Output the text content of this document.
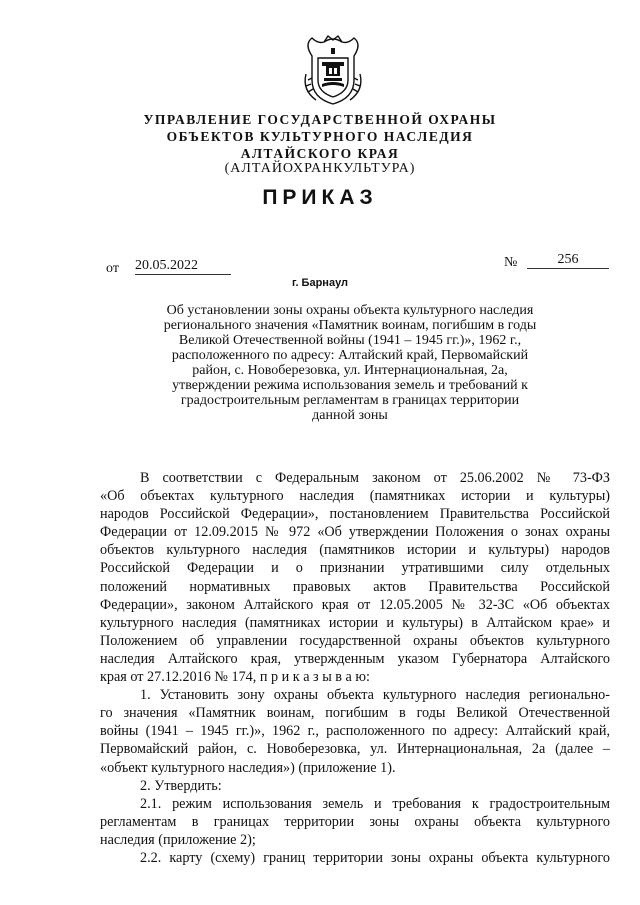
УПРАВЛЕНИЕ ГОСУДАРСТВЕННОЙ ОХРАНЫ
ОБЪЕКТОВ КУЛЬТУРНОГО НАСЛЕДИЯ
АЛТАЙСКОГО КРАЯ
(АЛТАЙОХРАНКУЛЬТУРА)
ПРИКАЗ
от 20.05.2022	№	256
г. Барнаул
Об установлении зоны охраны объекта культурного наследия
регионального значения «Памятник воинам, погибшим в годы
Великой Отечественной войны (1941 – 1945 гг.)», 1962 г.,
расположенного по адресу: Алтайский край, Первомайский
район, с. Новоберезовка, ул. Интернациональная, 2а,
утверждении режима использования земель и требований к
градостроительным регламентам в границах территории
данной зоны
В соответствии с Федеральным законом от 25.06.2002 № 73-ФЗ
«Об объектах культурного наследия (памятниках истории и культуры)
народов Российской Федерации», постановлением Правительства Российской
Федерации от 12.09.2015 № 972 «Об утверждении Положения о зонах охраны
объектов культурного наследия (памятников истории и культуры) народов
Российской Федерации и о признании утратившими силу отдельных
положений нормативных правовых актов Правительства Российской
Федерации», законом Алтайского края от 12.05.2005 № 32-ЗС «Об объектах
культурного наследия (памятниках истории и культуры) в Алтайском крае» и
Положением об управлении государственной охраны объектов культурного
наследия Алтайского края, утвержденным указом Губернатора Алтайского
края от 27.12.2016 № 174, п р и к а з ы в а ю:
1. Установить зону охраны объекта культурного наследия регионально-
го значения «Памятник воинам, погибшим в годы Великой Отечественной
войны (1941 – 1945 гг.)», 1962 г., расположенного по адресу: Алтайский край,
Первомайский район, с. Новоберезовка, ул. Интернациональная, 2а (далее –
«объект культурного наследия») (приложение 1).
2. Утвердить:
2.1. режим использования земель и требования к градостроительным
регламентам в границах территории зоны охраны объекта культурного
наследия (приложение 2);
2.2. карту (схему) границ территории зоны охраны объекта культурного
